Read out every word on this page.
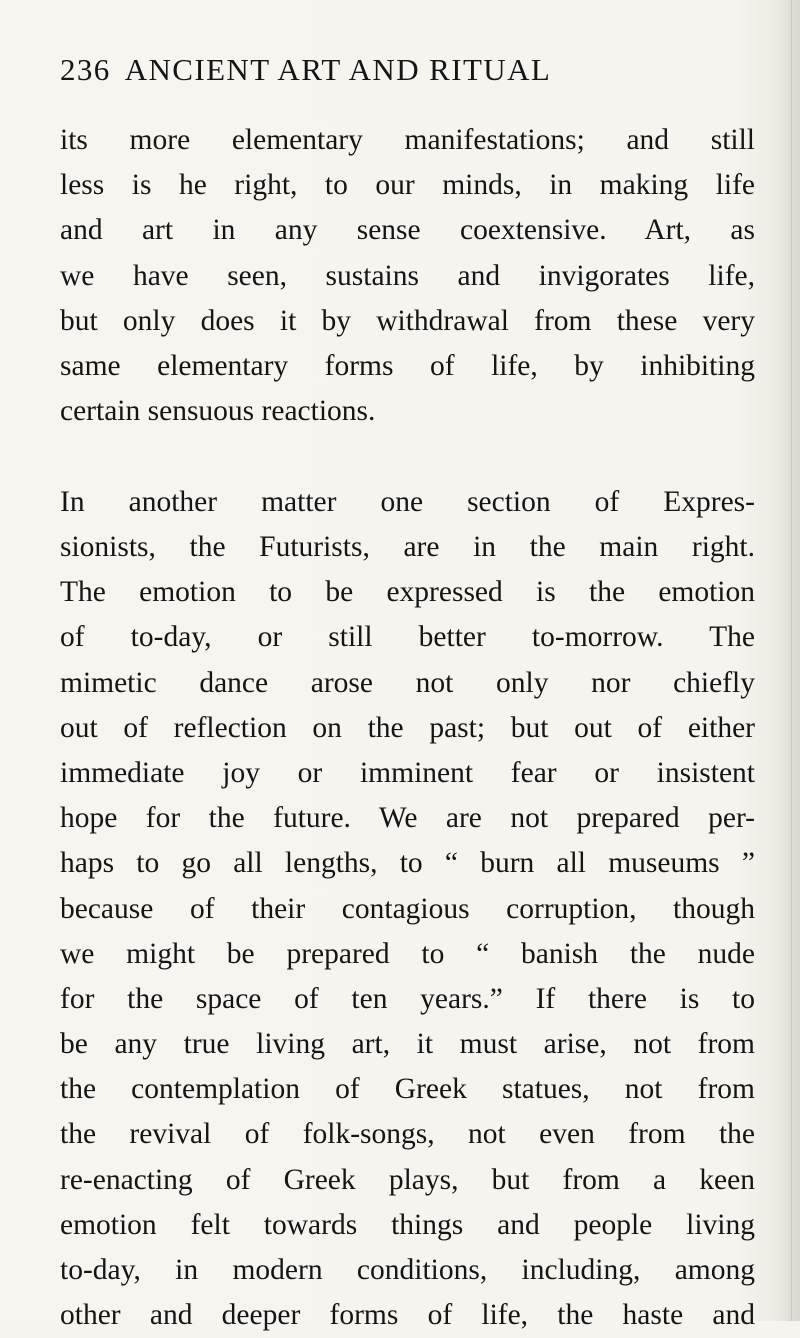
236 ANCIENT ART AND RITUAL
its more elementary manifestations; and still
less is he right, to our minds, in making life
and art in any sense coextensive. Art, as
we have seen, sustains and invigorates life,
but only does it by withdrawal from these very
same elementary forms of life, by inhibiting
certain sensuous reactions.
In another matter one section of Expres-
sionists, the Futurists, are in the main right.
The emotion to be expressed is the emotion
of to-day, or still better to-morrow. The
mimetic dance arose not only nor chiefly
out of reflection on the past; but out of either
immediate joy or imminent fear or insistent
hope for the future. We are not prepared per-
haps to go all lengths, to “ burn all museums ”
because of their contagious corruption, though
we might be prepared to “ banish the nude
for the space of ten years.” If there is to
be any true living art, it must arise, not from
the contemplation of Greek statues, not from
the revival of folk-songs, not even from the
re-enacting of Greek plays, but from a keen
emotion felt towards things and people living
to-day, in modern conditions, including, among
other and deeper forms of life, the haste and
